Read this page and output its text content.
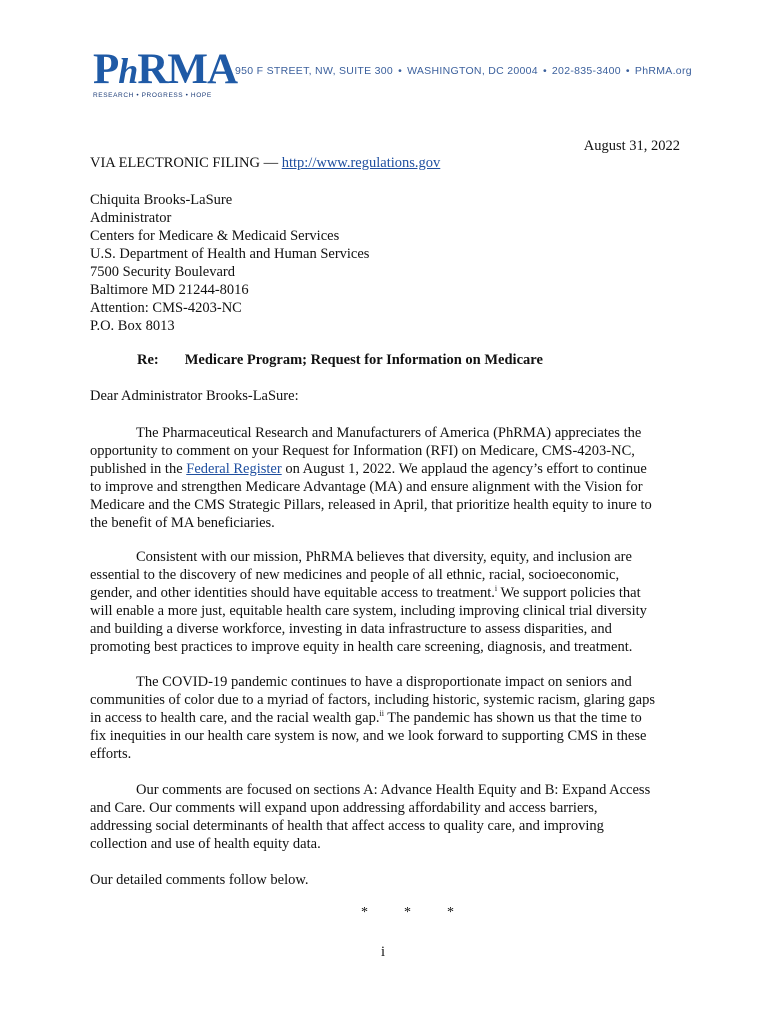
PhRMA
RESEARCH • PROGRESS • HOPE
950 F STREET, NW, SUITE 300 • WASHINGTON, DC 20004 • 202-835-3400 • PhRMA.org
August 31, 2022
VIA ELECTRONIC FILING — http://www.regulations.gov
Chiquita Brooks-LaSure
Administrator
Centers for Medicare & Medicaid Services
U.S. Department of Health and Human Services
7500 Security Boulevard
Baltimore MD 21244-8016
Attention: CMS-4203-NC
P.O. Box 8013
Re: Medicare Program; Request for Information on Medicare
Dear Administrator Brooks-LaSure:
The Pharmaceutical Research and Manufacturers of America (PhRMA) appreciates the
opportunity to comment on your Request for Information (RFI) on Medicare, CMS-4203-NC,
published in the Federal Register on August 1, 2022. We applaud the agency’s effort to continue
to improve and strengthen Medicare Advantage (MA) and ensure alignment with the Vision for
Medicare and the CMS Strategic Pillars, released in April, that prioritize health equity to inure to
the benefit of MA beneficiaries.
Consistent with our mission, PhRMA believes that diversity, equity, and inclusion are
essential to the discovery of new medicines and people of all ethnic, racial, socioeconomic,
gender, and other identities should have equitable access to treatment.$^i$ We support policies that
will enable a more just, equitable health care system, including improving clinical trial diversity
and building a diverse workforce, investing in data infrastructure to assess disparities, and
promoting best practices to improve equity in health care screening, diagnosis, and treatment.
The COVID-19 pandemic continues to have a disproportionate impact on seniors and
communities of color due to a myriad of factors, including historic, systemic racism, glaring gaps
in access to health care, and the racial wealth gap.$^{ii}$ The pandemic has shown us that the time to
fix inequities in our health care system is now, and we look forward to supporting CMS in these
efforts.
Our comments are focused on sections A: Advance Health Equity and B: Expand Access
and Care. Our comments will expand upon addressing affordability and access barriers,
addressing social determinants of health that affect access to quality care, and improving
collection and use of health equity data.
Our detailed comments follow below.
*	*	*
i
